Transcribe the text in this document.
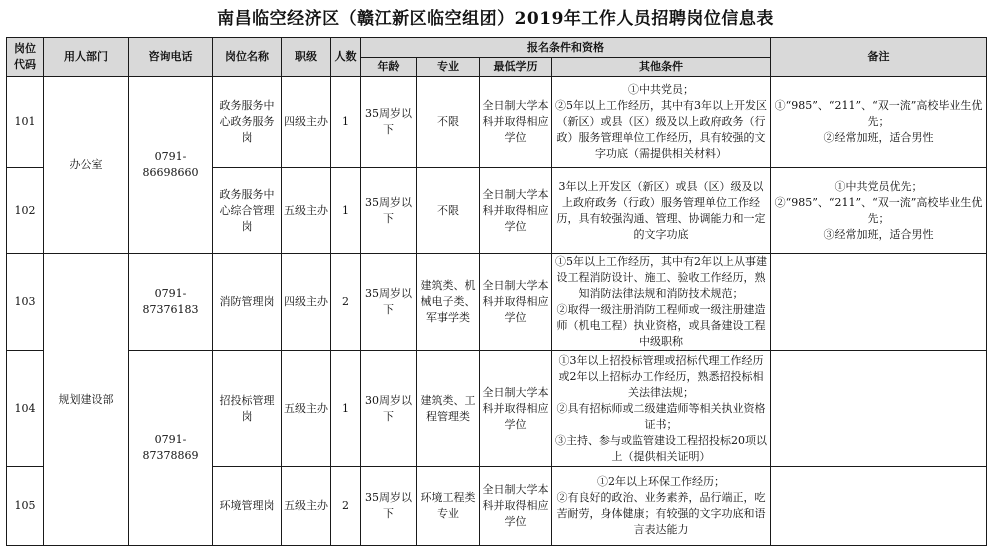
南昌临空经济区（赣江新区临空组团）2019年工作人员招聘岗位信息表
岗位代码	用人部门	咨询电话	岗位名称	职级	人数	报名条件和资格				备注
						年龄	专业	最低学历	其他条件	
101	办公室	0791-86698660	政务服务中心政务服务岗	四级主办	1	35周岁以下	不限	全日制大学本科并取得相应学位	①中共党员；
②5年以上工作经历，其中有3年以上开发区（新区）或县（区）级及以上政府政务（行政）服务管理单位工作经历，具有较强的文字功底（需提供相关材料）	①“985”、“211”、“双一流”高校毕业生优先；
②经常加班，适合男性

102			政务服务中心综合管理岗	五级主办	1	35周岁以下	不限	全日制大学本科并取得相应学位	3年以上开发区（新区）或县（区）级及以上政府政务（行政）服务管理单位工作经历，具有较强沟通、管理、协调能力和一定的文字功底	①中共党员优先；
②“985”、“211”、“双一流”高校毕业生优先；
③经常加班，适合男性

103	规划建设部	0791-87376183	消防管理岗	四级主办	2	35周岁以下	建筑类、机械电子类、军事学类	全日制大学本科并取得相应学位	①5年以上工作经历，其中有2年以上从事建设工程消防设计、施工、验收工作经历，熟知消防法律法规和消防技术规范；
②取得一级注册消防工程师或一级注册建造师（机电工程）执业资格，或具备建设工程中级职称	

104		0791-87378869	招投标管理岗	五级主办	1	30周岁以下	建筑类、工程管理类	全日制大学本科并取得相应学位	①3年以上招投标管理或招标代理工作经历或2年以上招标办工作经历，熟悉招投标相关法律法规；
②具有招标师或二级建造师等相关执业资格证书；
③主持、参与或监管建设工程招投标20项以上（提供相关证明）	

105			环境管理岗	五级主办	2	35周岁以下	环境工程类专业	全日制大学本科并取得相应学位	①2年以上环保工作经历；
②有良好的政治、业务素养，品行端正，吃苦耐劳，身体健康；有较强的文字功底和语言表达能力	
